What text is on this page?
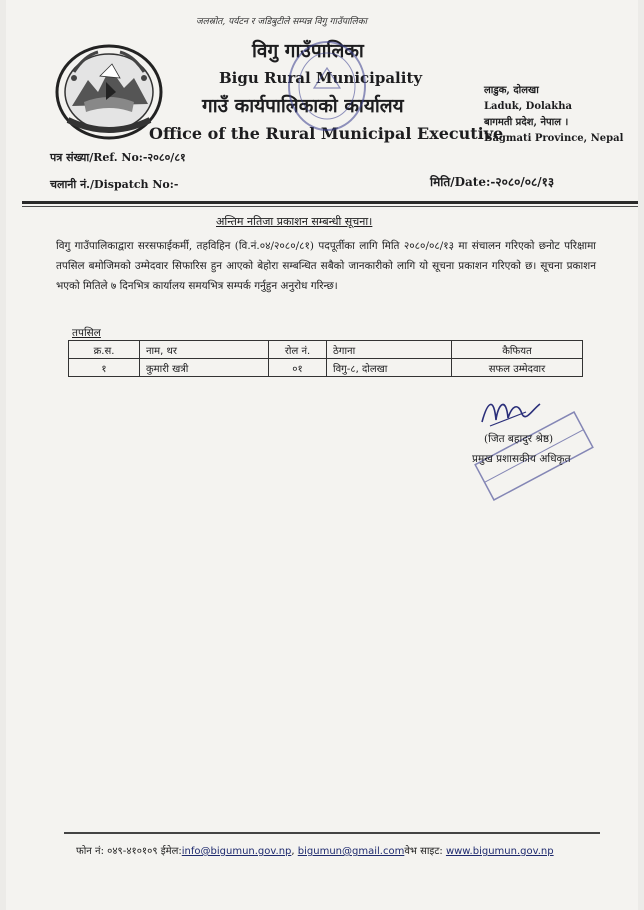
जलस्रोत, पर्यटन र जडिबुटीले सम्पन्न विगु गाउँपालिका
विगु गाउँपालिका
Bigu Rural Municipality
गाउँ कार्यपालिकाको कार्यालय
Office of the Rural Municipal Executive
लाडुक, दोलखा
Laduk, Dolakha
बागमती प्रदेश, नेपाल ।
Bagmati Province, Nepal
पत्र संख्या/Ref. No:-२०८०/८१
चलानी नं./Dispatch No:-	मिति/Date:-२०८०/०८/१३
अन्तिम नतिजा प्रकाशन सम्बन्धी सूचना।
विगु गाउँपालिकाद्वारा सरसफाईकर्मी, तहविहिन (वि.नं.०४/२०८०/८१) पदपूर्तीका लागि मिति २०८०/०८/१३ मा संचालन गरिएको छनोट परिक्षामा तपसिल बमोजिमको उम्मेदवार सिफारिस हुन आएको बेहोरा सम्बन्धित सबैको जानकारीको लागि यो सूचना प्रकाशन गरिएको छ। सूचना प्रकाशन भएको मितिले ७ दिनभित्र कार्यालय समयभित्र सम्पर्क गर्नुहुन अनुरोध गरिन्छ।
तपसिल
क्र.स.	नाम, थर	रोल नं.	ठेगाना	कैफियत
१	कुमारी खत्री	०१	विगु-८, दोलखा	सफल उम्मेदवार
(जित बहादुर श्रेष्ठ)
प्रमुख प्रशासकीय अधिकृत
फोन नं: ०४९-४१०१०९ ईमेल:info@bigumun.gov.np, bigumun@gmail.comवेभ साइट: www.bigumun.gov.np
